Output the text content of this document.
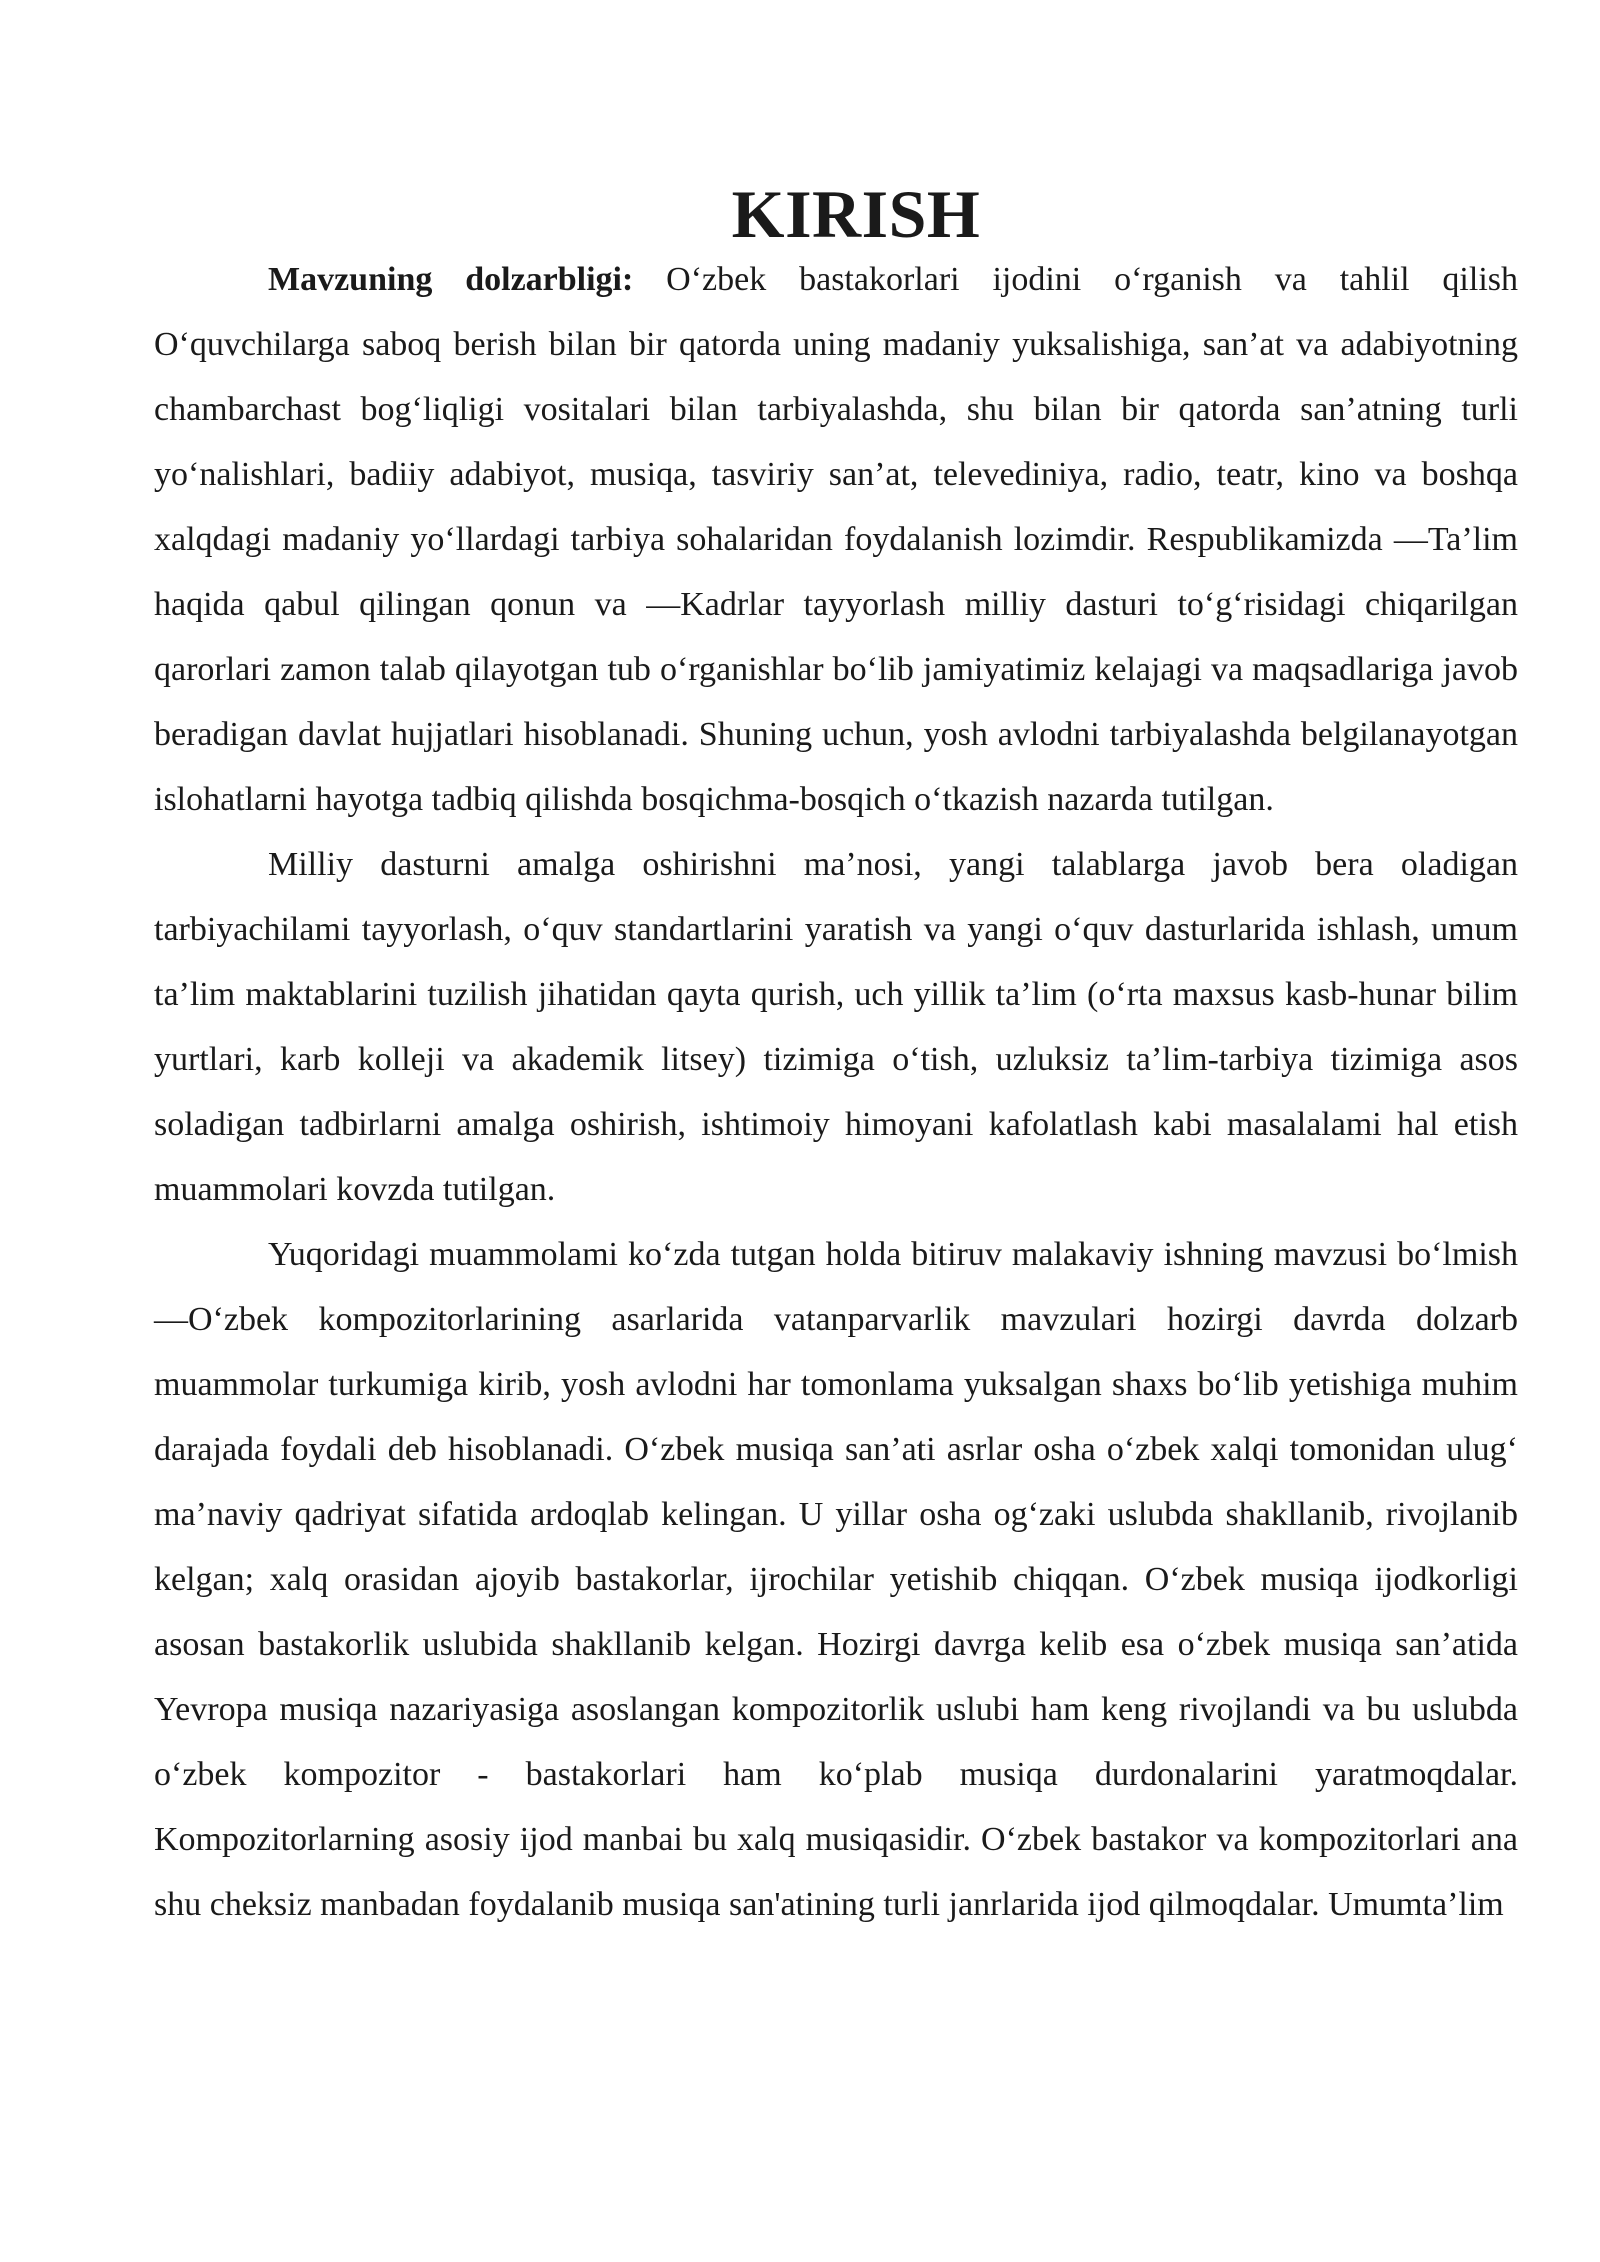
KIRISH

Mavzuning dolzarbligi: O‘zbek bastakorlari ijodini o‘rganish va tahlil qilish O‘quvchilarga saboq berish bilan bir qatorda uning madaniy yuksalishiga, san’at va adabiyotning chambarchast bog‘liqligi vositalari bilan tarbiyalashda, shu bilan bir qatorda san’atning turli yo‘nalishlari, badiiy adabiyot, musiqa, tasviriy san’at, televediniya, radio, teatr, kino va boshqa xalqdagi madaniy yo‘llardagi tarbiya sohalaridan foydalanish lozimdir. Respublikamizda —Ta’lim haqida qabul qilingan qonun va —Kadrlar tayyorlash milliy dasturi to‘g‘risidagi chiqarilgan qarorlari zamon talab qilayotgan tub o‘rganishlar bo‘lib jamiyatimiz kelajagi va maqsadlariga javob beradigan davlat hujjatlari hisoblanadi. Shuning uchun, yosh avlodni tarbiyalashda belgilanayotgan islohatlarni hayotga tadbiq qilishda bosqichma-bosqich o‘tkazish nazarda tutilgan.

Milliy dasturni amalga oshirishni ma’nosi, yangi talablarga javob bera oladigan tarbiyachilami tayyorlash, o‘quv standartlarini yaratish va yangi o‘quv dasturlarida ishlash, umum ta’lim maktablarini tuzilish jihatidan qayta qurish, uch yillik ta’lim (o‘rta maxsus kasb-hunar bilim yurtlari, karb kolleji va akademik litsey) tizimiga o‘tish, uzluksiz ta’lim-tarbiya tizimiga asos soladigan tadbirlarni amalga oshirish, ishtimoiy himoyani kafolatlash kabi masalalami hal etish muammolari kovzda tutilgan.

Yuqoridagi muammolami ko‘zda tutgan holda bitiruv malakaviy ishning mavzusi bo‘lmish —O‘zbek kompozitorlarining asarlarida vatanparvarlik mavzulari hozirgi davrda dolzarb muammolar turkumiga kirib, yosh avlodni har tomonlama yuksalgan shaxs bo‘lib yetishiga muhim darajada foydali deb hisoblanadi. O‘zbek musiqa san’ati asrlar osha o‘zbek xalqi tomonidan ulug‘ ma’naviy qadriyat sifatida ardoqlab kelingan. U yillar osha og‘zaki uslubda shakllanib, rivojlanib kelgan; xalq orasidan ajoyib bastakorlar, ijrochilar yetishib chiqqan. O‘zbek musiqa ijodkorligi asosan bastakorlik uslubida shakllanib kelgan. Hozirgi davrga kelib esa o‘zbek musiqa san’atida Yevropa musiqa nazariyasiga asoslangan kompozitorlik uslubi ham keng rivojlandi va bu uslubda o‘zbek kompozitor - bastakorlari ham ko‘plab musiqa durdonalarini yaratmoqdalar. Kompozitorlarning asosiy ijod manbai bu xalq musiqasidir. O‘zbek bastakor va kompozitorlari ana shu cheksiz manbadan foydalanib musiqa san'atining turli janrlarida ijod qilmoqdalar. Umumta’lim
